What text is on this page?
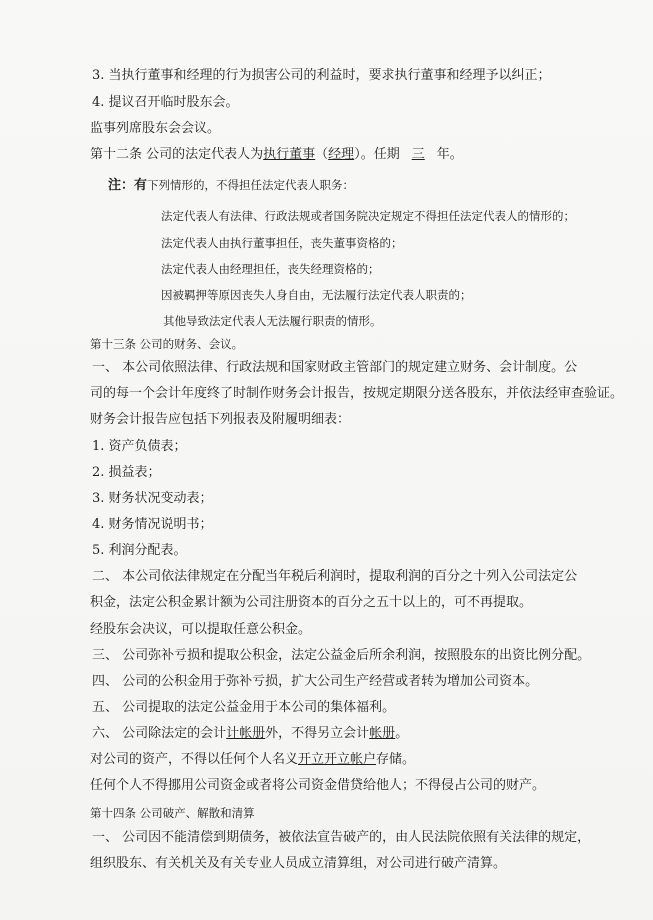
3. 当执行董事和经理的行为损害公司的利益时，要求执行董事和经理予以纠正；
4. 提议召开临时股东会。
监事列席股东会会议。
第十二条 公司的法定代表人为执行董事（经理）。任期 三 年。
注：有下列情形的，不得担任法定代表人职务：
法定代表人有法律、行政法规或者国务院决定规定不得担任法定代表人的情形的；
法定代表人由执行董事担任，丧失董事资格的；
法定代表人由经理担任，丧失经理资格的；
因被羁押等原因丧失人身自由，无法履行法定代表人职责的；
其他导致法定代表人无法履行职责的情形。
第十三条 公司的财务、会议。
一、 本公司依照法律、行政法规和国家财政主管部门的规定建立财务、会计制度。公
司的每一个会计年度终了时制作财务会计报告，按规定期限分送各股东，并依法经审查验证。
财务会计报告应包括下列报表及附履明细表：
1. 资产负债表；
2. 损益表；
3. 财务状况变动表；
4. 财务情况说明书；
5. 利润分配表。
二、 本公司依法律规定在分配当年税后利润时，提取利润的百分之十列入公司法定公
积金，法定公积金累计额为公司注册资本的百分之五十以上的，可不再提取。
经股东会决议，可以提取任意公积金。
三、 公司弥补亏损和提取公积金，法定公益金后所余利润，按照股东的出资比例分配。
四、 公司的公积金用于弥补亏损，扩大公司生产经营或者转为增加公司资本。
五、 公司提取的法定公益金用于本公司的集体福利。
六、 公司除法定的会计计帐册外，不得另立会计帐册。
对公司的资产，不得以任何个人名义开立开立帐户存储。
任何个人不得挪用公司资金或者将公司资金借贷给他人；不得侵占公司的财产。
第十四条 公司破产、解散和清算
一、 公司因不能清偿到期债务，被依法宣告破产的，由人民法院依照有关法律的规定，
组织股东、有关机关及有关专业人员成立清算组，对公司进行破产清算。
